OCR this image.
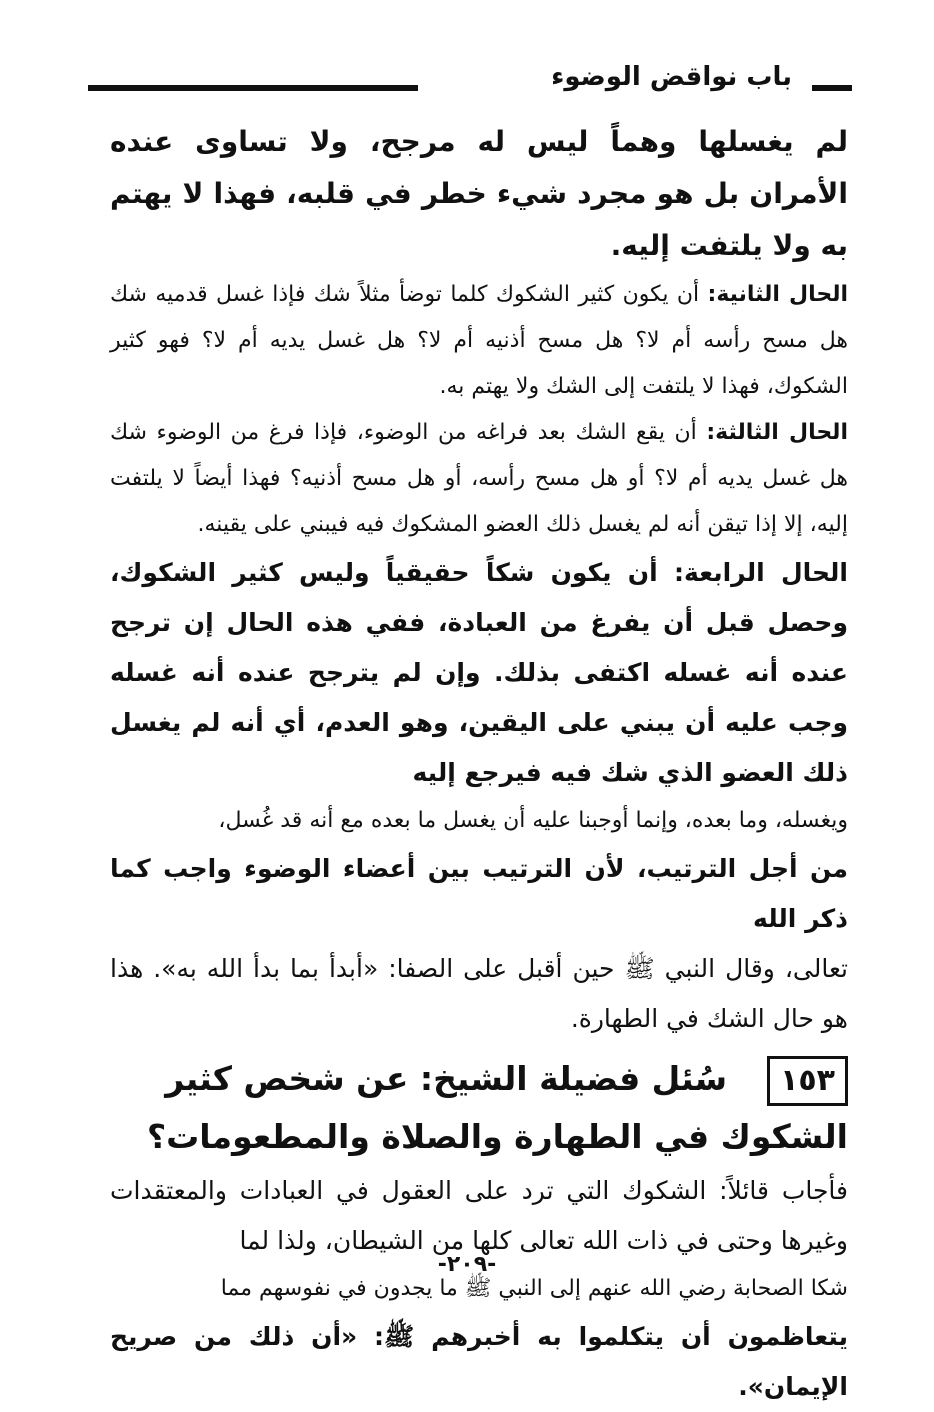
باب نواقض الوضوء

لم يغسلها وهماً ليس له مرجح، ولا تساوى عنده الأمران بل هو مجرد شيء خطر في قلبه، فهذا لا يهتم به ولا يلتفت إليه.

الحال الثانية: أن يكون كثير الشكوك كلما توضأ مثلاً شك فإذا غسل قدميه شك هل مسح رأسه أم لا؟ هل مسح أذنيه أم لا؟ هل غسل يديه أم لا؟ فهو كثير الشكوك، فهذا لا يلتفت إلى الشك ولا يهتم به.

الحال الثالثة: أن يقع الشك بعد فراغه من الوضوء، فإذا فرغ من الوضوء شك هل غسل يديه أم لا؟ أو هل مسح رأسه، أو هل مسح أذنيه؟ فهذا أيضاً لا يلتفت إليه، إلا إذا تيقن أنه لم يغسل ذلك العضو المشكوك فيه فيبني على يقينه.

الحال الرابعة: أن يكون شكاً حقيقياً وليس كثير الشكوك، وحصل قبل أن يفرغ من العبادة، ففي هذه الحال إن ترجح عنده أنه غسله اكتفى بذلك. وإن لم يترجح عنده أنه غسله وجب عليه أن يبني على اليقين، وهو العدم، أي أنه لم يغسل ذلك العضو الذي شك فيه فيرجع إليه

ويغسله، وما بعده، وإنما أوجبنا عليه أن يغسل ما بعده مع أنه قد غُسل،

من أجل الترتيب، لأن الترتيب بين أعضاء الوضوء واجب كما ذكر الله

تعالى، وقال النبي ﷺ حين أقبل على الصفا: «أبدأ بما بدأ الله به». هذا هو حال الشك في الطهارة.

١٥٣سُئل فضيلة الشيخ: عن شخص كثير الشكوك في الطهارة والصلاة والمطعومات؟

فأجاب قائلاً: الشكوك التي ترد على العقول في العبادات والمعتقدات وغيرها وحتى في ذات الله تعالى كلها من الشيطان، ولذا لما

شكا الصحابة رضي الله عنهم إلى النبي ﷺ ما يجدون في نفوسهم مما

يتعاظمون أن يتكلموا به أخبرهم ﷺ: «أن ذلك من صريح الإيمان».

-٢٠٩-
